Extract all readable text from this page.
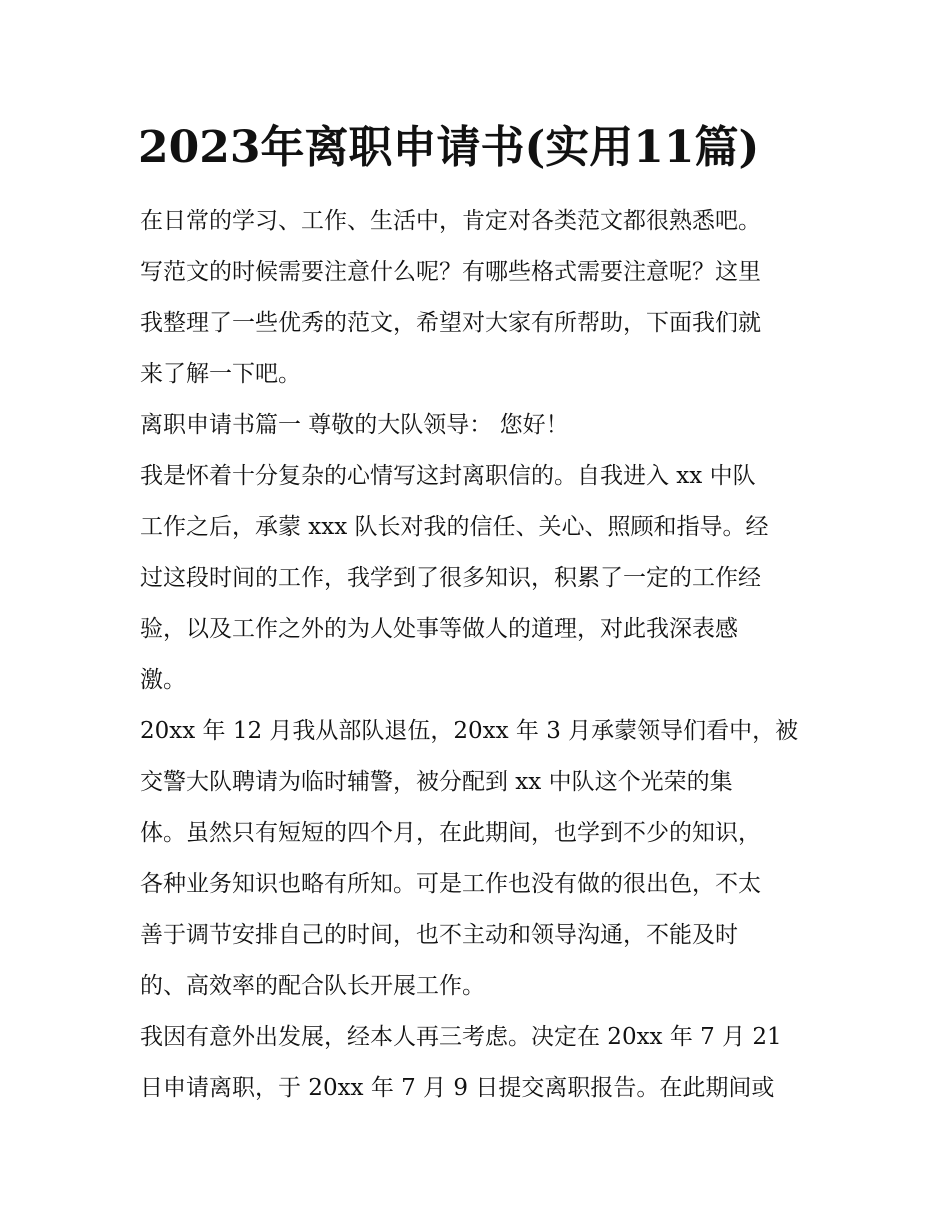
2023年离职申请书(实用11篇)

在日常的学习、工作、生活中，肯定对各类范文都很熟悉吧。

写范文的时候需要注意什么呢？有哪些格式需要注意呢？这里

我整理了一些优秀的范文，希望对大家有所帮助，下面我们就

来了解一下吧。

离职申请书篇一 尊敬的大队领导： 您好！

我是怀着十分复杂的心情写这封离职信的。自我进入 xx 中队

工作之后，承蒙 xxx 队长对我的信任、关心、照顾和指导。经

过这段时间的工作，我学到了很多知识，积累了一定的工作经

验，以及工作之外的为人处事等做人的道理，对此我深表感

激。

20xx 年 12 月我从部队退伍，20xx 年 3 月承蒙领导们看中，被

交警大队聘请为临时辅警，被分配到 xx 中队这个光荣的集

体。虽然只有短短的四个月，在此期间，也学到不少的知识，

各种业务知识也略有所知。可是工作也没有做的很出色，不太

善于调节安排自己的时间，也不主动和领导沟通，不能及时

的、高效率的配合队长开展工作。

我因有意外出发展，经本人再三考虑。决定在 20xx 年 7 月 21

日申请离职，于 20xx 年 7 月 9 日提交离职报告。在此期间或
